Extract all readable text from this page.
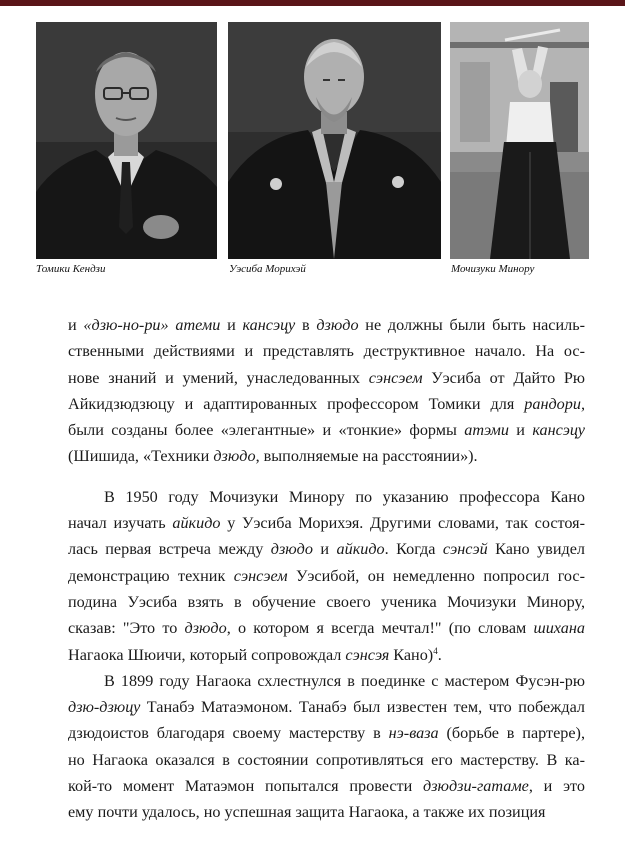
Томики Кендзи	Уэсиба Морихэй	Мочизуки Минору
и «дзю-но-ри» атеми и кансэцу в дзюдо не должны были быть насиль-
ственными действиями и представлять деструктивное начало. На ос-
нове знаний и умений, унаследованных сэнсэем Уэсиба от Дайто Рю
Айкидзюдзюцу и адаптированных профессором Томики для рандори,
были созданы более «элегантные» и «тонкие» формы атэми и кансэцу
(Шишида, «Техники дзюдо, выполняемые на расстоянии»).
В 1950 году Мочизуки Минору по указанию профессора Кано
начал изучать айкидо у Уэсиба Морихэя. Другими словами, так состоя-
лась первая встреча между дзюдо и айкидо. Когда сэнсэй Кано увидел
демонстрацию техник сэнсэем Уэсибой, он немедленно попросил гос-
подина Уэсиба взять в обучение своего ученика Мочизуки Минору,
сказав: "Это то дзюдо, о котором я всегда мечтал!" (по словам шихана
Нагаока Шюичи, который сопровождал сэнсэя Кано)$^4$.
В 1899 году Нагаока схлестнулся в поединке с мастером Фусэн-рю
дзю-дзюцу Танабэ Матаэмоном. Танабэ был известен тем, что побеждал
дзюдоистов благодаря своему мастерству в нэ-ваза (борьбе в партере),
но Нагаока оказался в состоянии сопротивляться его мастерству. В ка-
кой-то момент Матаэмон попытался провести дзюдзи-гатаме, и это
ему почти удалось, но успешная защита Нагаока, а также их позиция
